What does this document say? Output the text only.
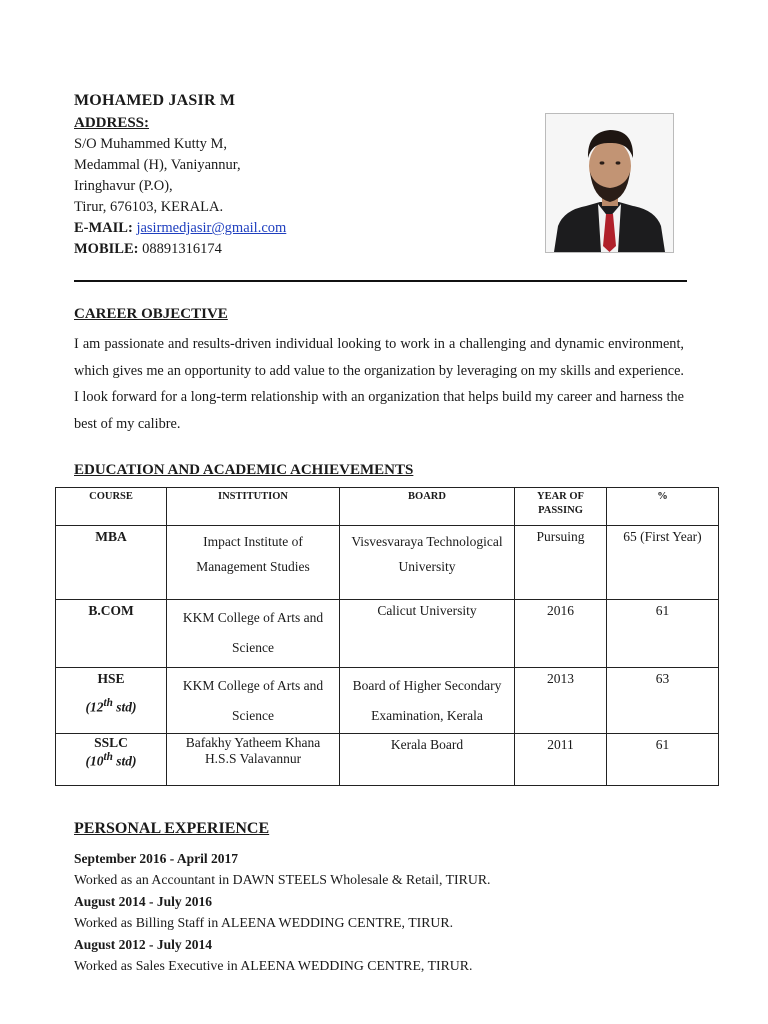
MOHAMED JASIR M
ADDRESS:
S/O Muhammed Kutty M,
Medammal (H), Vaniyannur,
Iringhavur (P.O),
Tirur, 676103, KERALA.
E-MAIL: jasirmedjasir@gmail.com
MOBILE: 08891316174
CAREER OBJECTIVE
I am passionate and results-driven individual looking to work in a challenging and dynamic environment, which gives me an opportunity to add value to the organization by leveraging on my skills and experience. I look forward for a long-term relationship with an organization that helps build my career and harness the best of my calibre.
EDUCATION AND ACADEMIC ACHIEVEMENTS
COURSE	INSTITUTION	BOARD	YEAR OF PASSING	%

MBA	Impact Institute of Management Studies	Visvesvaraya Technological University	Pursuing	65 (First Year)

B.COM	KKM College of Arts and Science	Calicut University	2016	61

HSE
(12th std)	KKM College of Arts and Science	Board of Higher Secondary Examination, Kerala	2013	63

SSLC
(10th std)	Bafakhy Yatheem Khana H.S.S Valavannur	Kerala Board	2011	61
PERSONAL EXPERIENCE
September 2016 - April 2017
Worked as an Accountant in DAWN STEELS Wholesale & Retail, TIRUR.
August 2014 - July 2016
Worked as Billing Staff in ALEENA WEDDING CENTRE, TIRUR.
August 2012 - July 2014
Worked as Sales Executive in ALEENA WEDDING CENTRE, TIRUR.
